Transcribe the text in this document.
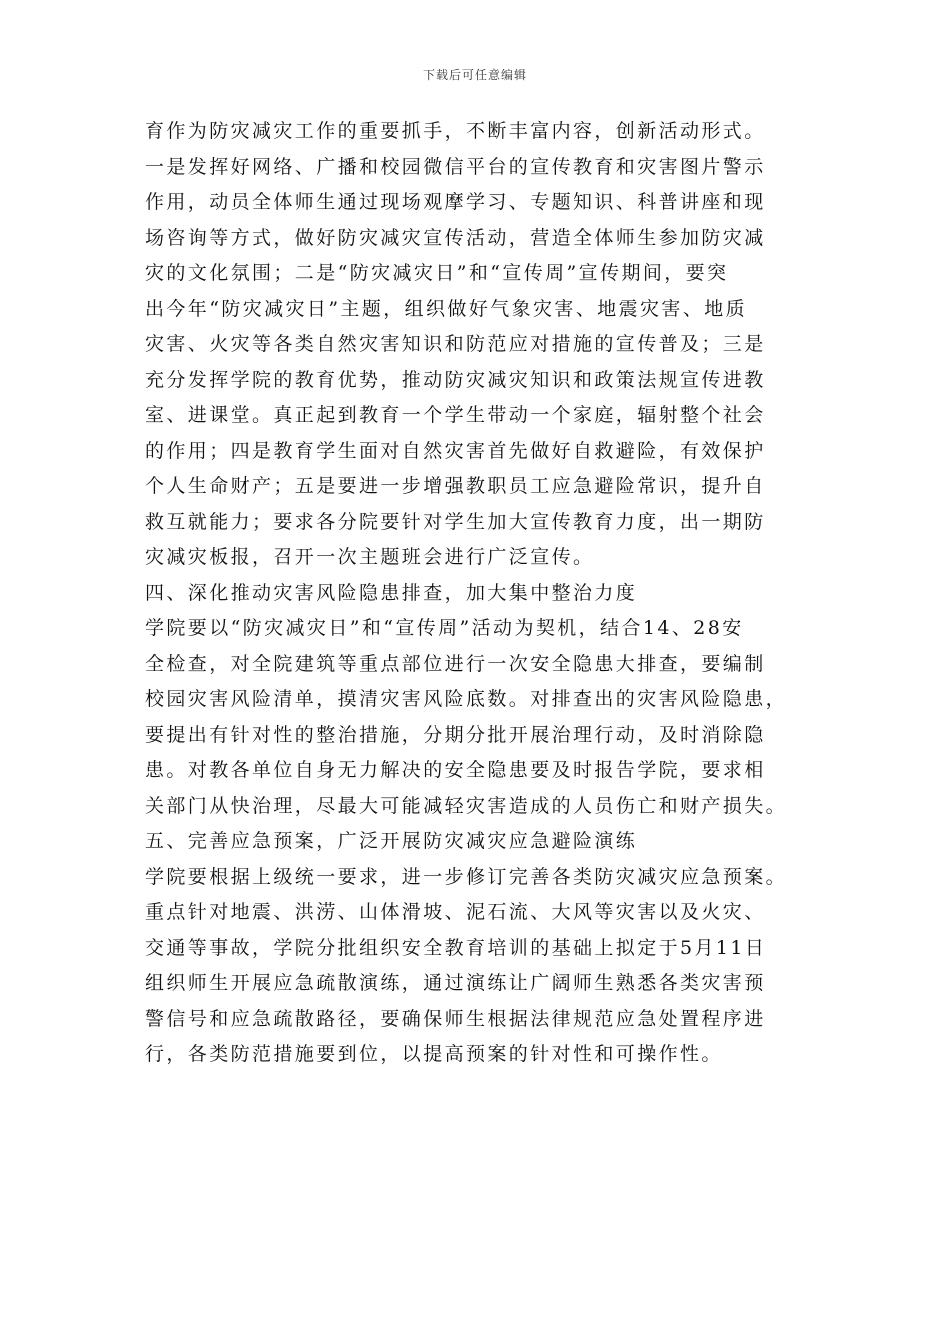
下载后可任意编辑
育作为防灾减灾工作的重要抓手，不断丰富内容，创新活动形式。
一是发挥好网络、广播和校园微信平台的宣传教育和灾害图片警示
作用，动员全体师生通过现场观摩学习、专题知识、科普讲座和现
场咨询等方式，做好防灾减灾宣传活动，营造全体师生参加防灾减
灾的文化氛围；二是“防灾减灾日”和“宣传周”宣传期间，要突
出今年“防灾减灾日”主题，组织做好气象灾害、地震灾害、地质
灾害、火灾等各类自然灾害知识和防范应对措施的宣传普及；三是
充分发挥学院的教育优势，推动防灾减灾知识和政策法规宣传进教
室、进课堂。真正起到教育一个学生带动一个家庭，辐射整个社会
的作用；四是教育学生面对自然灾害首先做好自救避险，有效保护
个人生命财产；五是要进一步增强教职员工应急避险常识，提升自
救互就能力；要求各分院要针对学生加大宣传教育力度，出一期防
灾减灾板报，召开一次主题班会进行广泛宣传。
四、深化推动灾害风险隐患排查，加大集中整治力度
学院要以“防灾减灾日”和“宣传周”活动为契机，结合14、28安
全检查，对全院建筑等重点部位进行一次安全隐患大排查，要编制
校园灾害风险清单，摸清灾害风险底数。对排查出的灾害风险隐患，
要提出有针对性的整治措施，分期分批开展治理行动，及时消除隐
患。对教各单位自身无力解决的安全隐患要及时报告学院，要求相
关部门从快治理，尽最大可能减轻灾害造成的人员伤亡和财产损失。
五、完善应急预案，广泛开展防灾减灾应急避险演练
学院要根据上级统一要求，进一步修订完善各类防灾减灾应急预案。
重点针对地震、洪涝、山体滑坡、泥石流、大风等灾害以及火灾、
交通等事故，学院分批组织安全教育培训的基础上拟定于5月11日
组织师生开展应急疏散演练，通过演练让广阔师生熟悉各类灾害预
警信号和应急疏散路径，要确保师生根据法律规范应急处置程序进
行，各类防范措施要到位，以提高预案的针对性和可操作性。
